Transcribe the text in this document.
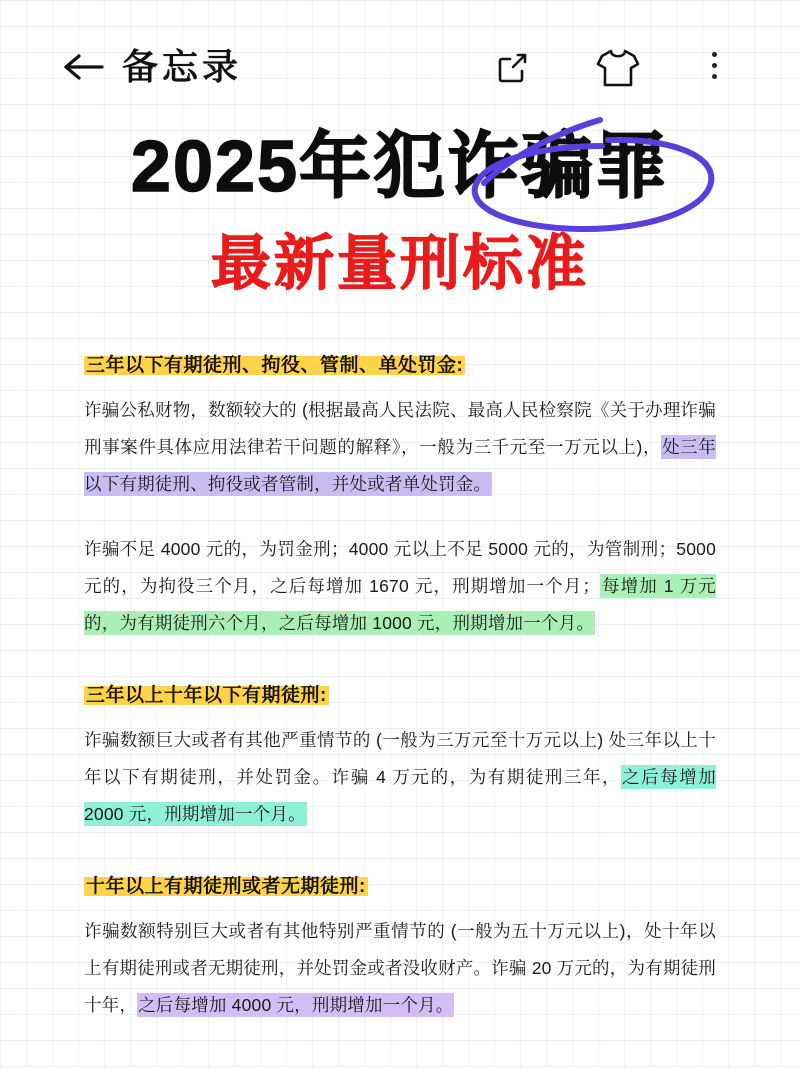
备忘录
2025年犯诈骗罪
最新量刑标准
三年以下有期徒刑、拘役、管制、单处罚金:

诈骗公私财物，数额较大的 (根据最高人民法院、最高人民检察院《关于办理诈骗刑事案件具体应用法律若干问题的解释》，一般为三千元至一万元以上)，处三年以下有期徒刑、拘役或者管制，并处或者单处罚金。

诈骗不足 4000 元的，为罚金刑；4000 元以上不足 5000 元的，为管制刑；5000 元的，为拘役三个月，之后每增加 1670 元，刑期增加一个月；每增加 1 万元的，为有期徒刑六个月，之后每增加 1000 元，刑期增加一个月。

三年以上十年以下有期徒刑:

诈骗数额巨大或者有其他严重情节的 (一般为三万元至十万元以上) 处三年以上十年以下有期徒刑，并处罚金。诈骗 4 万元的，为有期徒刑三年，之后每增加 2000 元，刑期增加一个月。

十年以上有期徒刑或者无期徒刑:

诈骗数额特别巨大或者有其他特别严重情节的 (一般为五十万元以上)，处十年以上有期徒刑或者无期徒刑，并处罚金或者没收财产。诈骗 20 万元的，为有期徒刑十年，之后每增加 4000 元，刑期增加一个月。
